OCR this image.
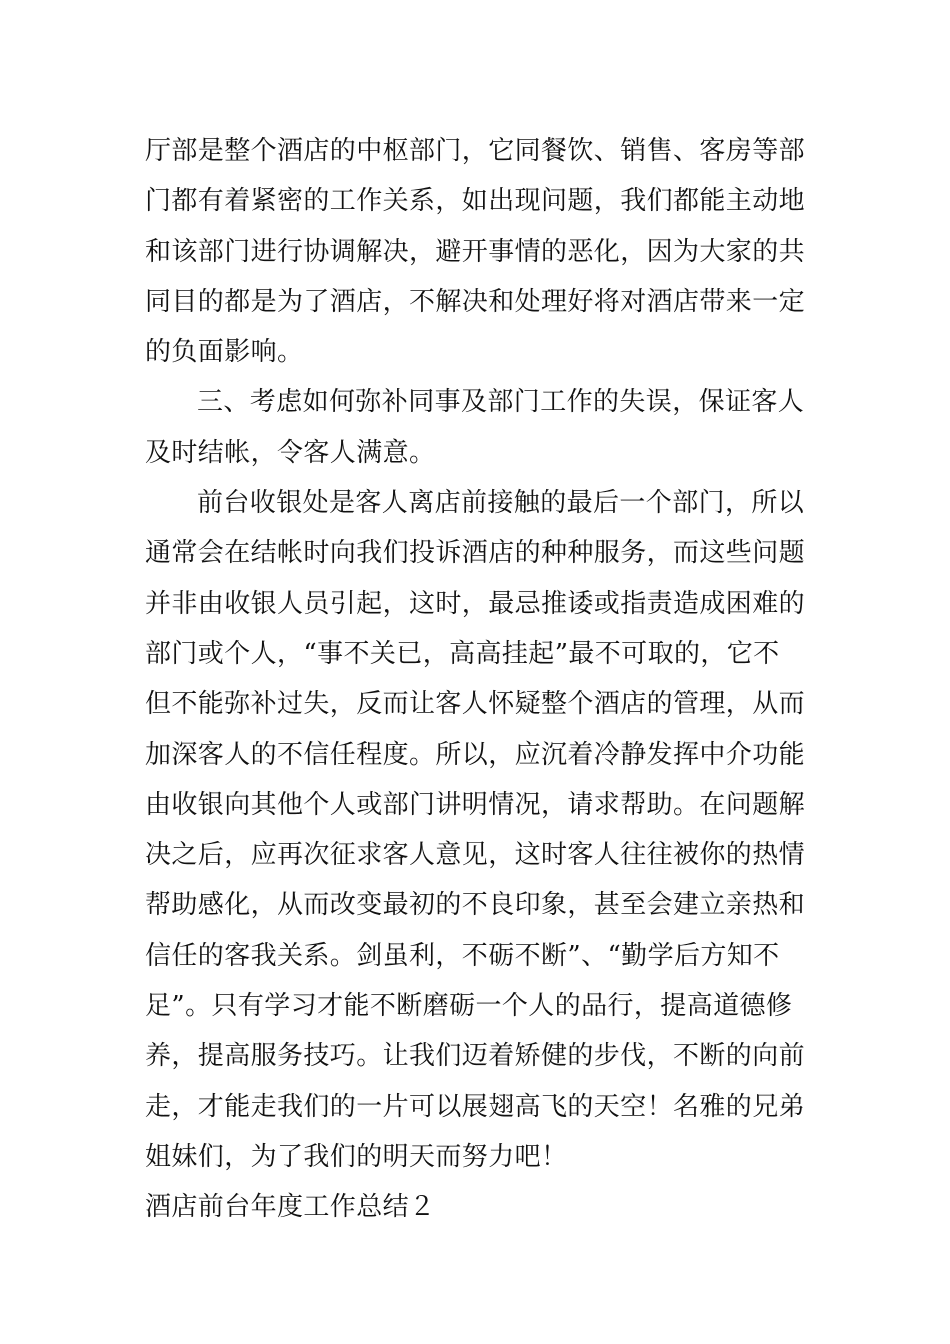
厅部是整个酒店的中枢部门，它同餐饮、销售、客房等部
门都有着紧密的工作关系，如出现问题，我们都能主动地
和该部门进行协调解决，避开事情的恶化，因为大家的共
同目的都是为了酒店，不解决和处理好将对酒店带来一定
的负面影响。
三、考虑如何弥补同事及部门工作的失误，保证客人
及时结帐，令客人满意。
前台收银处是客人离店前接触的最后一个部门，所以
通常会在结帐时向我们投诉酒店的种种服务，而这些问题
并非由收银人员引起，这时，最忌推诿或指责造成困难的
部门或个人，“事不关已，高高挂起”最不可取的，它不
但不能弥补过失，反而让客人怀疑整个酒店的管理，从而
加深客人的不信任程度。所以，应沉着冷静发挥中介功能
由收银向其他个人或部门讲明情况，请求帮助。在问题解
决之后，应再次征求客人意见，这时客人往往被你的热情
帮助感化，从而改变最初的不良印象，甚至会建立亲热和
信任的客我关系。剑虽利，不砺不断”、“勤学后方知不
足”。只有学习才能不断磨砺一个人的品行，提高道德修
养，提高服务技巧。让我们迈着矫健的步伐，不断的向前
走，才能走我们的一片可以展翅高飞的天空！名雅的兄弟
姐妹们，为了我们的明天而努力吧！
酒店前台年度工作总结２
